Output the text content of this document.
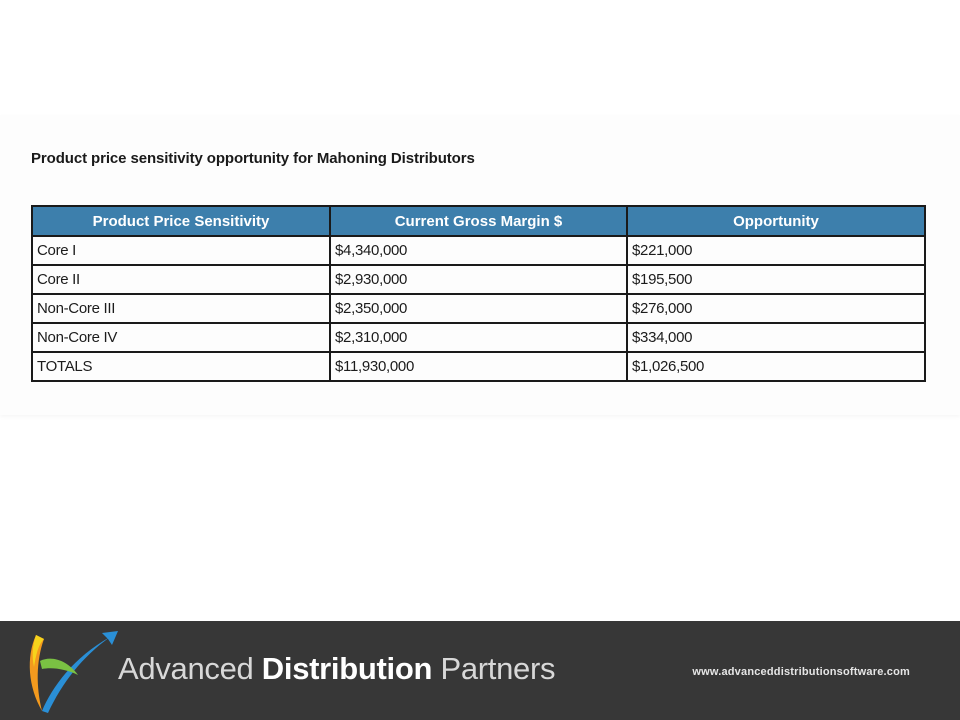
Product price sensitivity opportunity for Mahoning Distributors
Product Price Sensitivity	Current Gross Margin $	Opportunity
Core I	$4,340,000	$221,000
Core II	$2,930,000	$195,500
Non-Core III	$2,350,000	$276,000
Non-Core IV	$2,310,000	$334,000
TOTALS	$11,930,000	$1,026,500
Advanced Distribution Partners	www.advanceddistributionsoftware.com
